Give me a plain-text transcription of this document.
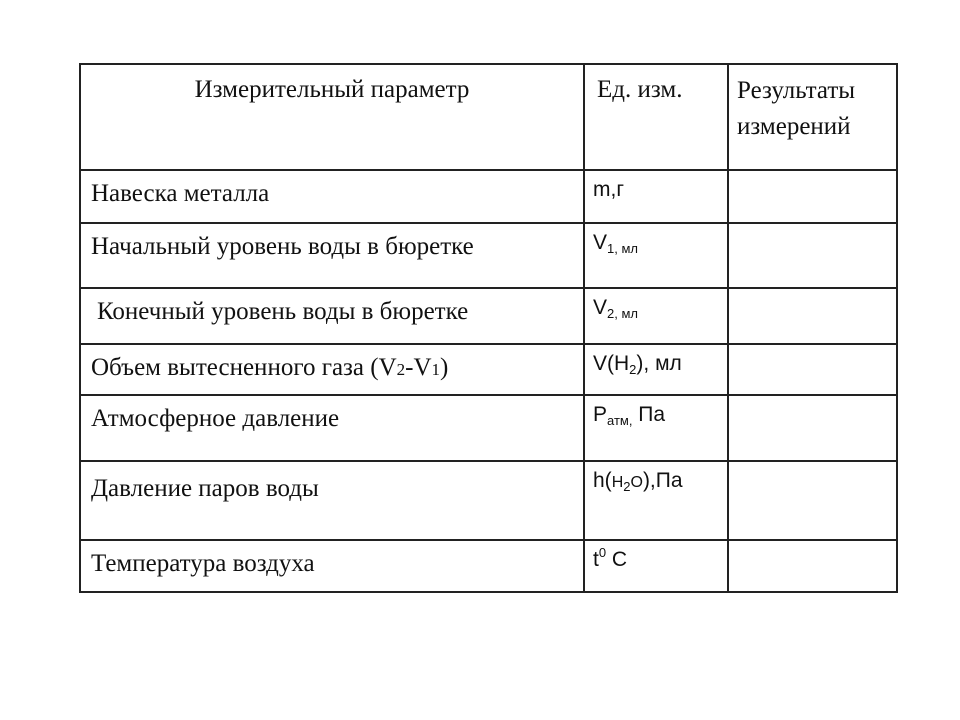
Измерительный параметр	Ед. изм.	Результаты
измерений
Навеска металла	m,г	
Начальный уровень воды в бюретке	$V_{1, мл}$	
Конечный уровень воды в бюретке	$V_{2, мл}$	
Объем вытесненного газа (V2-V1)	$V(H_2)$, мл	
Атмосферное давление	$P_{атм,}$ Па	
Давление паров воды	$h(H_2O),Па$	
Температура воздуха	$t^0$ C	
